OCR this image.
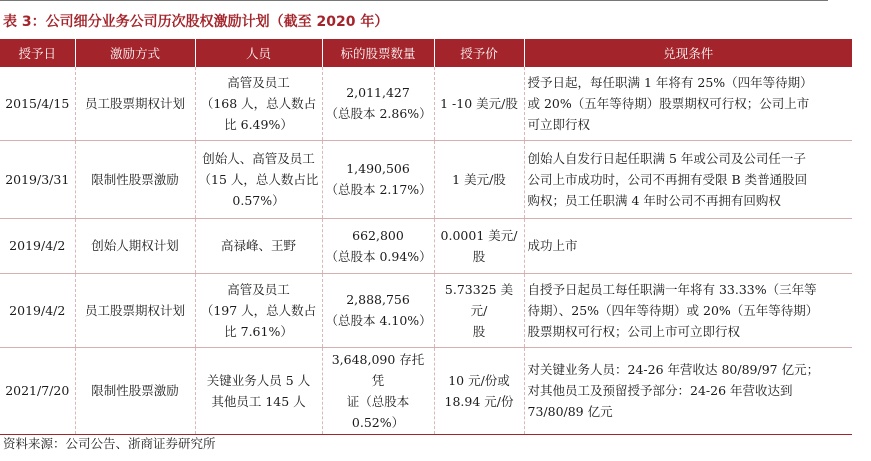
表 3：公司细分业务公司历次股权激励计划（截至 2020 年）
授予日	激励方式	人员	标的股票数量	授予价	兑现条件
2015/4/15	员工股票期权计划	高管及员工
（168 人，总人数占
比 6.49%）	2,011,427
（总股本 2.86%）	1 -10 美元/股	授予日起，每任职满 1 年将有 25%（四年等待期）
或 20%（五年等待期）股票期权可行权；公司上市
可立即行权
2019/3/31	限制性股票激励	创始人、高管及员工
（15 人，总人数占比
0.57%）	1,490,506
（总股本 2.17%）	1 美元/股	创始人自发行日起任职满 5 年或公司及公司任一子
公司上市成功时，公司不再拥有受限 B 类普通股回
购权；员工任职满 4 年时公司不再拥有回购权
2019/4/2	创始人期权计划	高禄峰、王野	662,800
（总股本 0.94%）	0.0001 美元/股	成功上市
2019/4/2	员工股票期权计划	高管及员工
（197 人，总人数占
比 7.61%）	2,888,756
（总股本 4.10%）	5.73325 美元/
股	自授予日起员工每任职满一年将有 33.33%（三年等
待期）、25%（四年等待期）或 20%（五年等待期）
股票期权可行权；公司上市可立即行权
2021/7/20	限制性股票激励	关键业务人员 5 人
其他员工 145 人	3,648,090 存托凭
证（总股本 0.52%）	10 元/份或
18.94 元/份	对关键业务人员：24-26 年营收达 80/89/97 亿元；
对其他员工及预留授予部分：24-26 年营收达到
73/80/89 亿元
资料来源：公司公告、浙商证券研究所
